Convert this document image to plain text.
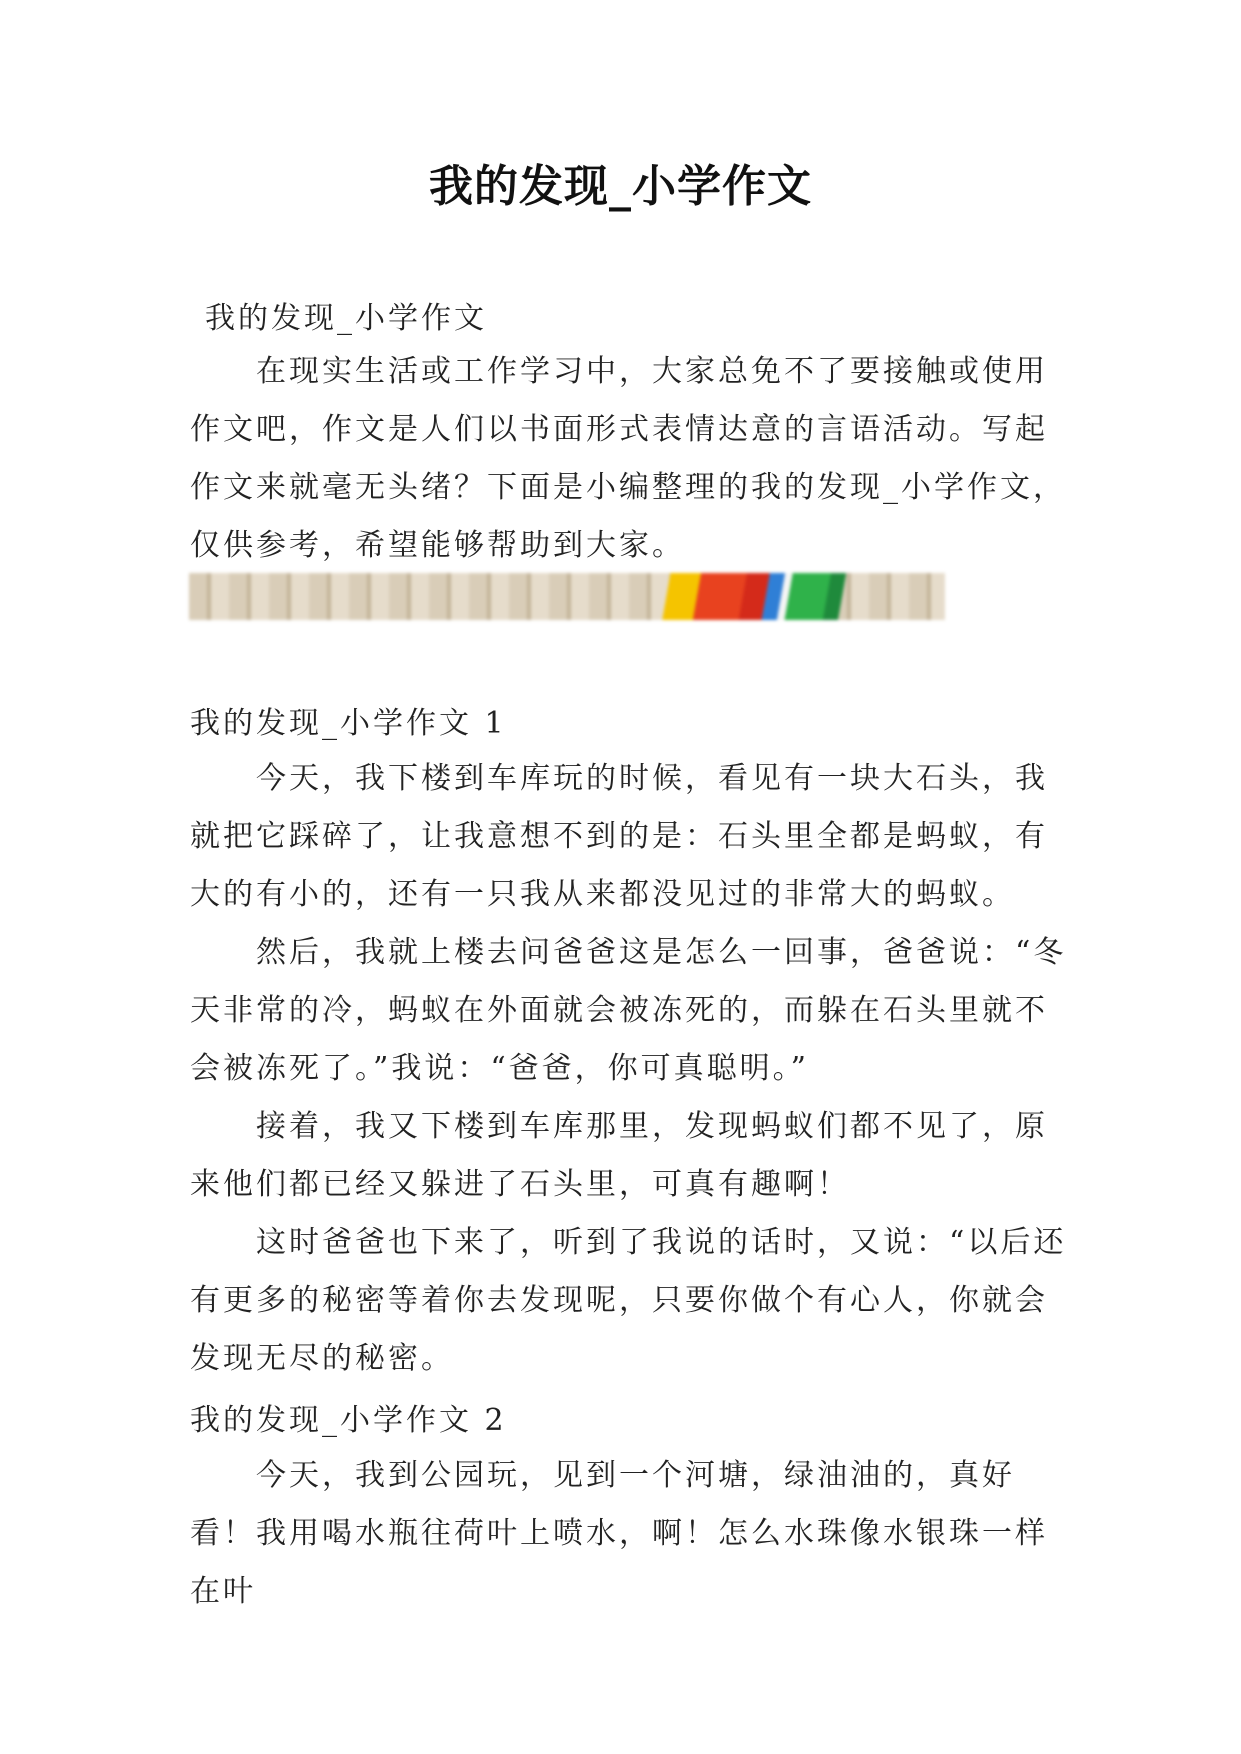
我的发现_小学作文
我的发现_小学作文

在现实生活或工作学习中，大家总免不了要接触或使用作文吧，作文是人们以书面形式表情达意的言语活动。写起作文来就毫无头绪？下面是小编整理的我的发现_小学作文，仅供参考，希望能够帮助到大家。

我的发现_小学作文 1

今天，我下楼到车库玩的时候，看见有一块大石头，我就把它踩碎了，让我意想不到的是：石头里全都是蚂蚁，有大的有小的，还有一只我从来都没见过的非常大的蚂蚁。

然后，我就上楼去问爸爸这是怎么一回事，爸爸说：“冬天非常的冷，蚂蚁在外面就会被冻死的，而躲在石头里就不会被冻死了。”我说：“爸爸，你可真聪明。”

接着，我又下楼到车库那里，发现蚂蚁们都不见了，原来他们都已经又躲进了石头里，可真有趣啊！

这时爸爸也下来了，听到了我说的话时，又说：“以后还有更多的秘密等着你去发现呢，只要你做个有心人，你就会发现无尽的秘密。

我的发现_小学作文 2

今天，我到公园玩，见到一个河塘，绿油油的，真好看！我用喝水瓶往荷叶上喷水，啊！怎么水珠像水银珠一样在叶
